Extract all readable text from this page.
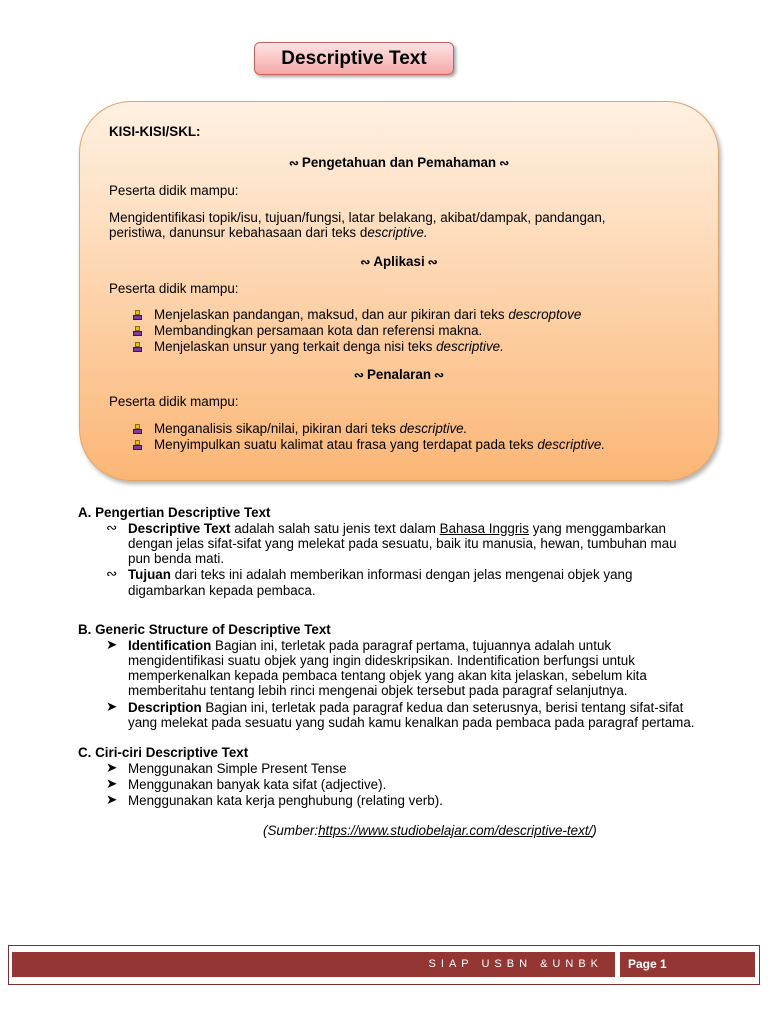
Descriptive Text
KISI-KISI/SKL:
∾ Pengetahuan dan Pemahaman ∾
Peserta didik mampu:
Mengidentifikasi topik/isu, tujuan/fungsi, latar belakang, akibat/dampak, pandangan,
peristiwa, danunsur kebahasaan dari teks descriptive.
∾ Aplikasi ∾
Peserta didik mampu:
Menjelaskan pandangan, maksud, dan aur pikiran dari teks descroptove
Membandingkan persamaan kota dan referensi makna.
Menjelaskan unsur yang terkait denga nisi teks descriptive.
∾ Penalaran ∾
Peserta didik mampu:
Menganalisis sikap/nilai, pikiran dari teks descriptive.
Menyimpulkan suatu kalimat atau frasa yang terdapat pada teks descriptive.
A. Pengertian Descriptive Text
∾ Descriptive Text adalah salah satu jenis text dalam Bahasa Inggris yang menggambarkan
dengan jelas sifat-sifat yang melekat pada sesuatu, baik itu manusia, hewan, tumbuhan mau
pun benda mati.
∾ Tujuan dari teks ini adalah memberikan informasi dengan jelas mengenai objek yang
digambarkan kepada pembaca.
B. Generic Structure of Descriptive Text
➤ Identification Bagian ini, terletak pada paragraf pertama, tujuannya adalah untuk
mengidentifikasi suatu objek yang ingin dideskripsikan. Indentification berfungsi untuk
memperkenalkan kepada pembaca tentang objek yang akan kita jelaskan, sebelum kita
memberitahu tentang lebih rinci mengenai objek tersebut pada paragraf selanjutnya.
➤ Description Bagian ini, terletak pada paragraf kedua dan seterusnya, berisi tentang sifat-sifat
yang melekat pada sesuatu yang sudah kamu kenalkan pada pembaca pada paragraf pertama.
C. Ciri-ciri Descriptive Text
➤ Menggunakan Simple Present Tense
➤ Menggunakan banyak kata sifat (adjective).
➤ Menggunakan kata kerja penghubung (relating verb).
(Sumber:https://www.studiobelajar.com/descriptive-text/)
SIAP USBN &UNBK	Page 1
